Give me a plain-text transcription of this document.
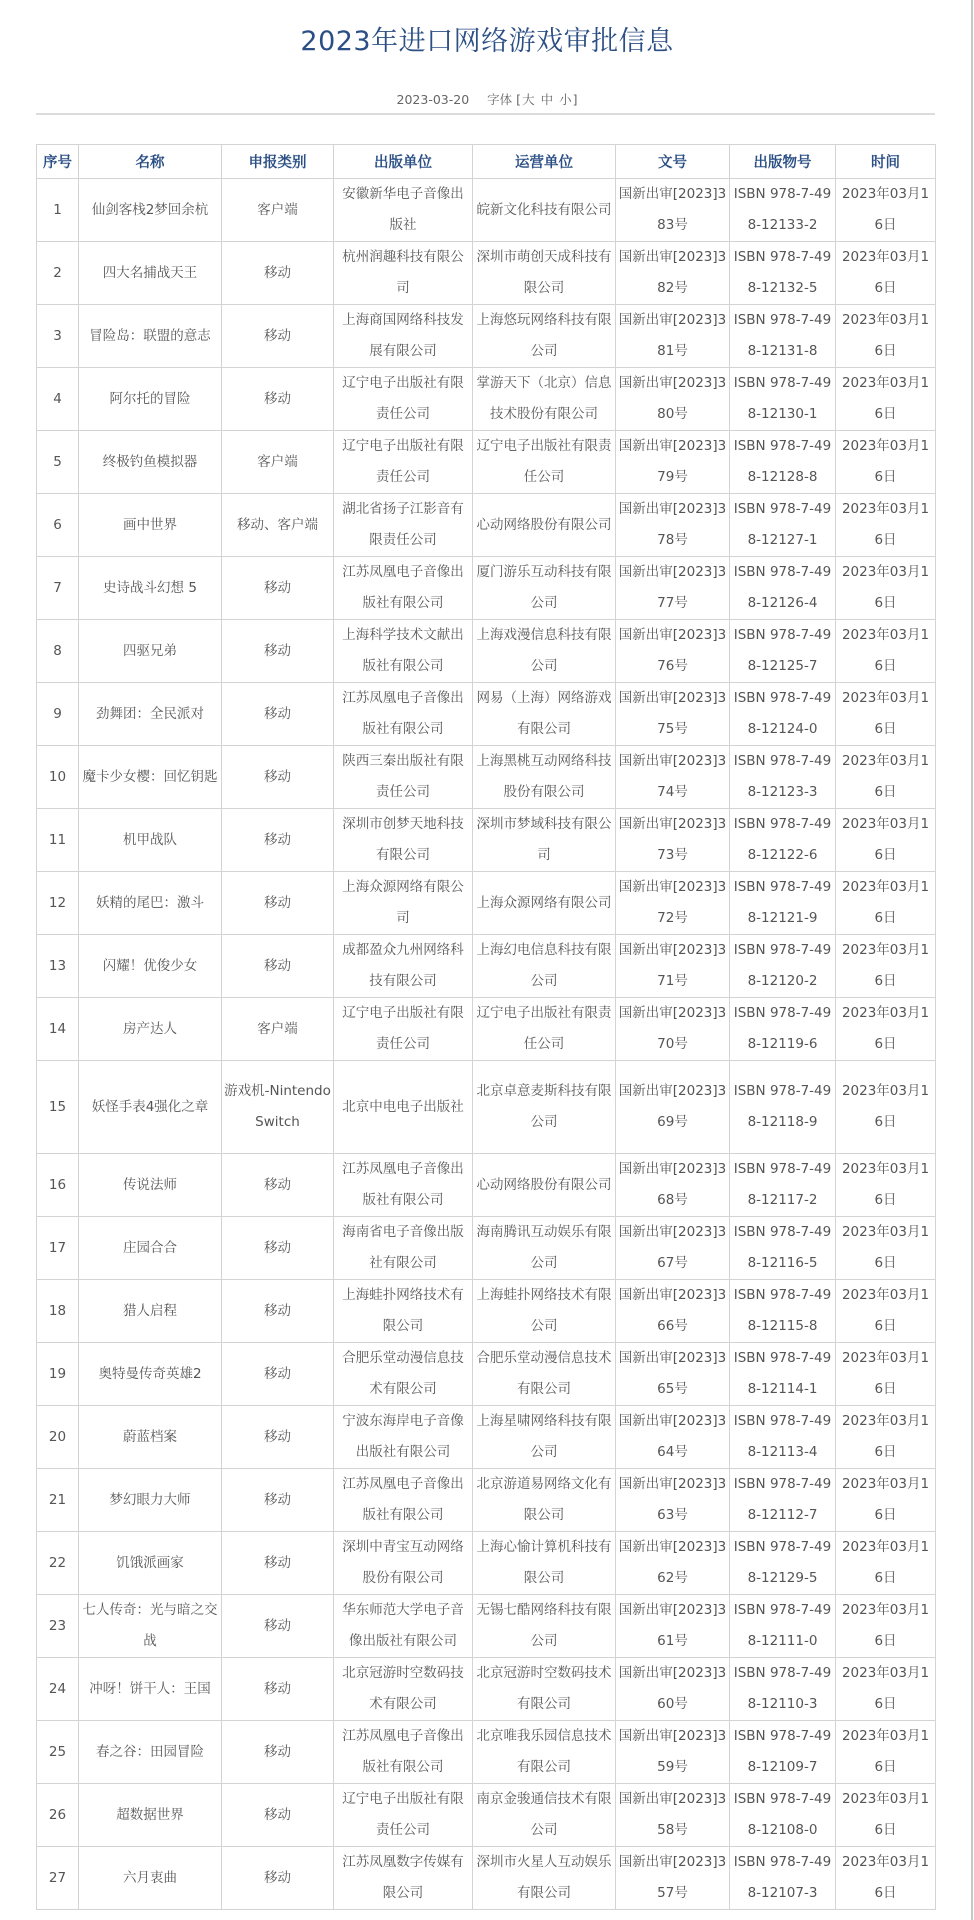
2023年进口网络游戏审批信息
2023-03-20 字体 [大 中 小]
序号	名称	申报类别	出版单位	运营单位	文号	出版物号	时间
1	仙剑客栈2梦回余杭	客户端	安徽新华电子音像出版社	皖新文化科技有限公司	国新出审[2023]383号	ISBN 978-7-498-12133-2	2023年03月16日
2	四大名捕战天王	移动	杭州润趣科技有限公司	深圳市萌创天成科技有限公司	国新出审[2023]382号	ISBN 978-7-498-12132-5	2023年03月16日
3	冒险岛：联盟的意志	移动	上海商国网络科技发展有限公司	上海悠玩网络科技有限公司	国新出审[2023]381号	ISBN 978-7-498-12131-8	2023年03月16日
4	阿尔托的冒险	移动	辽宁电子出版社有限责任公司	掌游天下（北京）信息技术股份有限公司	国新出审[2023]380号	ISBN 978-7-498-12130-1	2023年03月16日
5	终极钓鱼模拟器	客户端	辽宁电子出版社有限责任公司	辽宁电子出版社有限责任公司	国新出审[2023]379号	ISBN 978-7-498-12128-8	2023年03月16日
6	画中世界	移动、客户端	湖北省扬子江影音有限责任公司	心动网络股份有限公司	国新出审[2023]378号	ISBN 978-7-498-12127-1	2023年03月16日
7	史诗战斗幻想 5	移动	江苏凤凰电子音像出版社有限公司	厦门游乐互动科技有限公司	国新出审[2023]377号	ISBN 978-7-498-12126-4	2023年03月16日
8	四驱兄弟	移动	上海科学技术文献出版社有限公司	上海戏漫信息科技有限公司	国新出审[2023]376号	ISBN 978-7-498-12125-7	2023年03月16日
9	劲舞团：全民派对	移动	江苏凤凰电子音像出版社有限公司	网易（上海）网络游戏有限公司	国新出审[2023]375号	ISBN 978-7-498-12124-0	2023年03月16日
10	魔卡少女樱：回忆钥匙	移动	陕西三秦出版社有限责任公司	上海黑桃互动网络科技股份有限公司	国新出审[2023]374号	ISBN 978-7-498-12123-3	2023年03月16日
11	机甲战队	移动	深圳市创梦天地科技有限公司	深圳市梦域科技有限公司	国新出审[2023]373号	ISBN 978-7-498-12122-6	2023年03月16日
12	妖精的尾巴：激斗	移动	上海众源网络有限公司	上海众源网络有限公司	国新出审[2023]372号	ISBN 978-7-498-12121-9	2023年03月16日
13	闪耀！优俊少女	移动	成都盈众九州网络科技有限公司	上海幻电信息科技有限公司	国新出审[2023]371号	ISBN 978-7-498-12120-2	2023年03月16日
14	房产达人	客户端	辽宁电子出版社有限责任公司	辽宁电子出版社有限责任公司	国新出审[2023]370号	ISBN 978-7-498-12119-6	2023年03月16日
15	妖怪手表4强化之章	游戏机-Nintendo Switch	北京中电电子出版社	北京卓意麦斯科技有限公司	国新出审[2023]369号	ISBN 978-7-498-12118-9	2023年03月16日
16	传说法师	移动	江苏凤凰电子音像出版社有限公司	心动网络股份有限公司	国新出审[2023]368号	ISBN 978-7-498-12117-2	2023年03月16日
17	庄园合合	移动	海南省电子音像出版社有限公司	海南腾讯互动娱乐有限公司	国新出审[2023]367号	ISBN 978-7-498-12116-5	2023年03月16日
18	猎人启程	移动	上海蛙扑网络技术有限公司	上海蛙扑网络技术有限公司	国新出审[2023]366号	ISBN 978-7-498-12115-8	2023年03月16日
19	奥特曼传奇英雄2	移动	合肥乐堂动漫信息技术有限公司	合肥乐堂动漫信息技术有限公司	国新出审[2023]365号	ISBN 978-7-498-12114-1	2023年03月16日
20	蔚蓝档案	移动	宁波东海岸电子音像出版社有限公司	上海星啸网络科技有限公司	国新出审[2023]364号	ISBN 978-7-498-12113-4	2023年03月16日
21	梦幻眼力大师	移动	江苏凤凰电子音像出版社有限公司	北京游道易网络文化有限公司	国新出审[2023]363号	ISBN 978-7-498-12112-7	2023年03月16日
22	饥饿派画家	移动	深圳中青宝互动网络股份有限公司	上海心愉计算机科技有限公司	国新出审[2023]362号	ISBN 978-7-498-12129-5	2023年03月16日
23	七人传奇：光与暗之交战	移动	华东师范大学电子音像出版社有限公司	无锡七酷网络科技有限公司	国新出审[2023]361号	ISBN 978-7-498-12111-0	2023年03月16日
24	冲呀！饼干人：王国	移动	北京冠游时空数码技术有限公司	北京冠游时空数码技术有限公司	国新出审[2023]360号	ISBN 978-7-498-12110-3	2023年03月16日
25	春之谷：田园冒险	移动	江苏凤凰电子音像出版社有限公司	北京唯我乐园信息技术有限公司	国新出审[2023]359号	ISBN 978-7-498-12109-7	2023年03月16日
26	超数据世界	移动	辽宁电子出版社有限责任公司	南京金骏通信技术有限公司	国新出审[2023]358号	ISBN 978-7-498-12108-0	2023年03月16日
27	六月衷曲	移动	江苏凤凰数字传媒有限公司	深圳市火星人互动娱乐有限公司	国新出审[2023]357号	ISBN 978-7-498-12107-3	2023年03月16日
